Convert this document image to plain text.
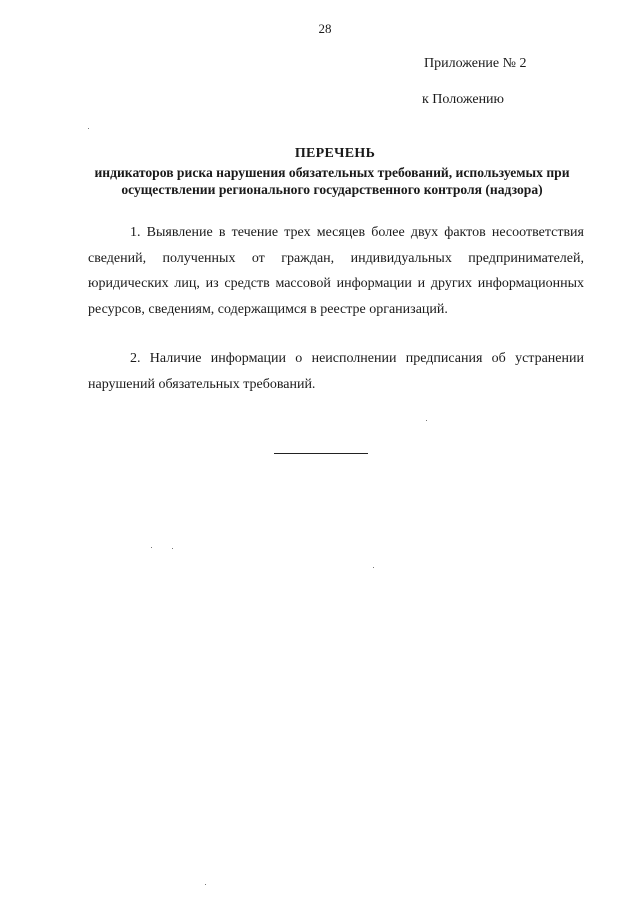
28
Приложение № 2
к Положению
ПЕРЕЧЕНЬ
индикаторов риска нарушения обязательных требований, используемых при осуществлении регионального государственного контроля (надзора)
1. Выявление в течение трех месяцев более двух фактов несоответствия сведений, полученных от граждан, индивидуальных предпринимателей, юридических лиц, из средств массовой информации и других информационных ресурсов, сведениям, содержащимся в реестре организаций.
2. Наличие информации о неисполнении предписания об устранении нарушений обязательных требований.
